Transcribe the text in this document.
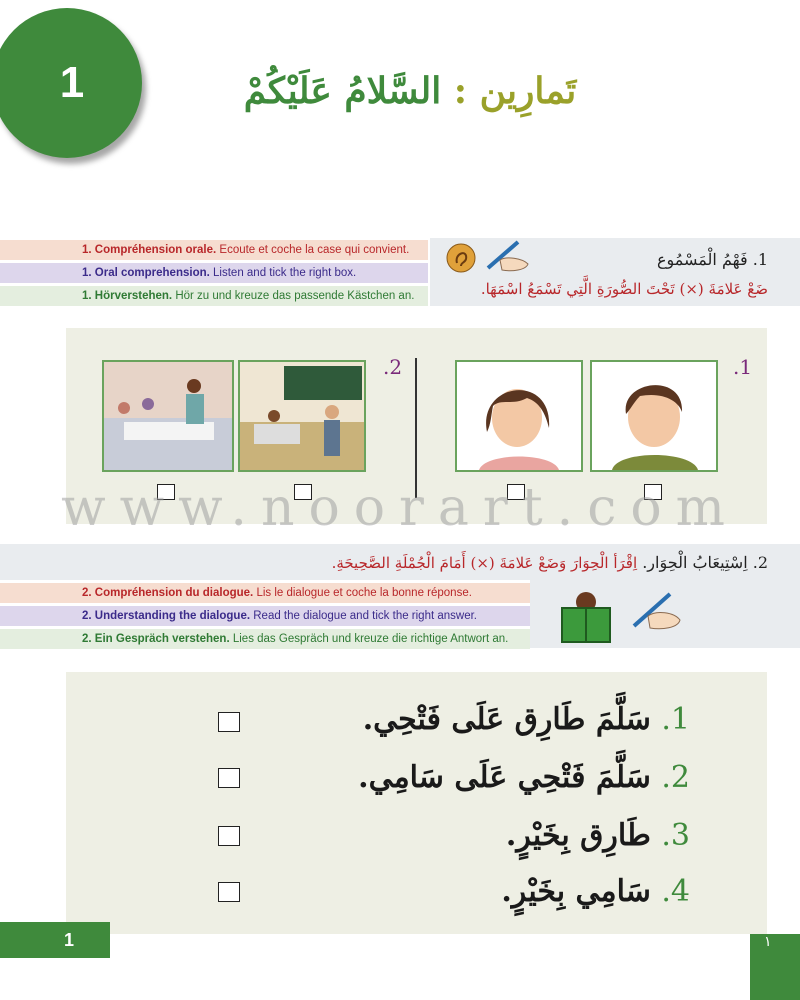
1	تَمارِين : السَّلامُ عَلَيْكُمْ
1. Compréhension orale. Ecoute et coche la case qui convient.
1. Oral comprehension. Listen and tick the right box.
1. Hörverstehen. Hör zu und kreuze das passende Kästchen an.
1. فَهْمُ الْمَسْمُوع
ضَعْ عَلامَةَ (×) تَحْتَ الصُّورَةِ الَّتِي تَسْمَعُ اسْمَهَا.
.1
.2
www.noorart.com
2. اِسْتِيعَابُ الْحِوَار. اِقْرَأ الْحِوَارَ وَضَعْ عَلامَةَ (×) أَمَامَ الْجُمْلَةِ الصَّحِيحَةِ.
2. Compréhension du dialogue. Lis le dialogue et coche la bonne réponse.
2. Understanding the dialogue. Read the dialogue and tick the right answer.
2. Ein Gespräch verstehen. Lies das Gespräch und kreuze die richtige Antwort an.
1. سَلَّمَ طَارِق عَلَى فَتْحِي.
2. سَلَّمَ فَتْحِي عَلَى سَامِي.
3. طَارِق بِخَيْرٍ.
4. سَامِي بِخَيْرٍ.
1	١
